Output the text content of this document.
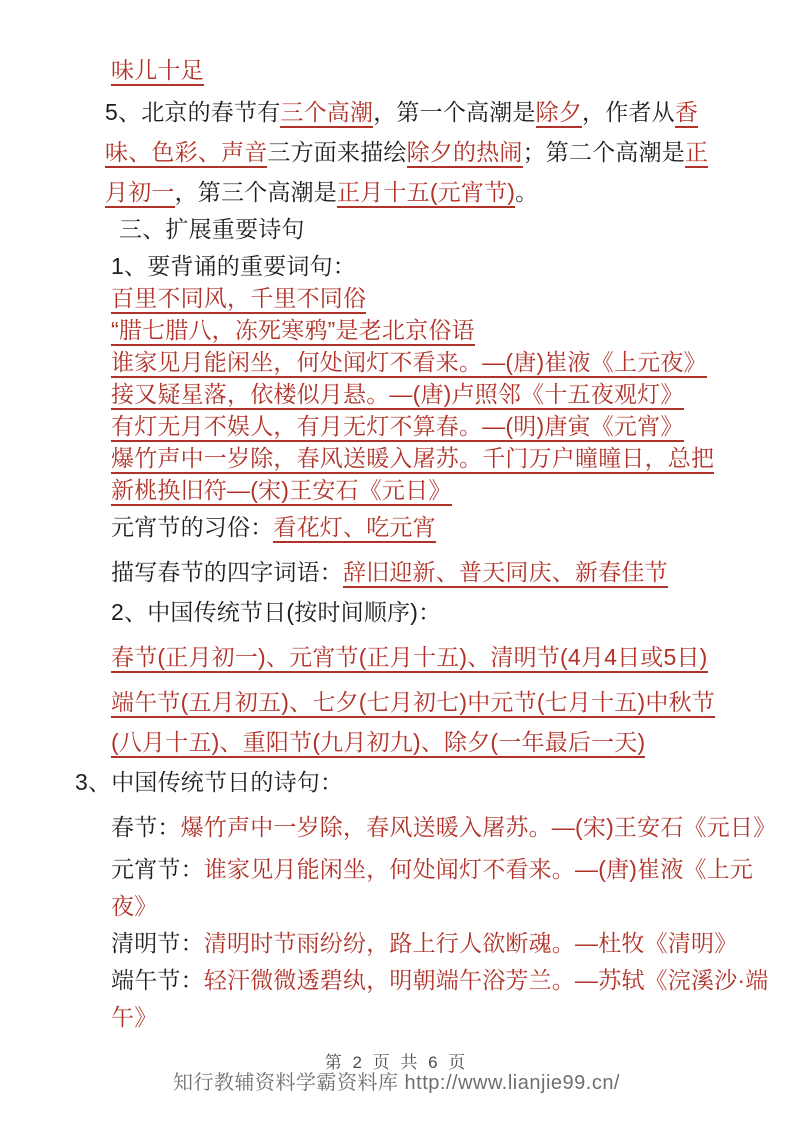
味儿十足
5、北京的春节有三个高潮，第一个高潮是除夕，作者从香
味、色彩、声音三方面来描绘除夕的热闹；第二个高潮是正
月初一，第三个高潮是正月十五(元宵节)。
三、扩展重要诗句
1、要背诵的重要词句：
百里不同风，千里不同俗
“腊七腊八，冻死寒鸦”是老北京俗语
谁家见月能闲坐，何处闻灯不看来。—(唐)崔液《上元夜》
接又疑星落，依楼似月悬。—(唐)卢照邻《十五夜观灯》
有灯无月不娱人，有月无灯不算春。—(明)唐寅《元宵》
爆竹声中一岁除，春风送暖入屠苏。千门万户曈曈日，总把
新桃换旧符—(宋)王安石《元日》
元宵节的习俗：看花灯、吃元宵
描写春节的四字词语：辞旧迎新、普天同庆、新春佳节
2、中国传统节日(按时间顺序)：
春节(正月初一)、元宵节(正月十五)、清明节(4月4日或5日)
端午节(五月初五)、七夕(七月初七)中元节(七月十五)中秋节
(八月十五)、重阳节(九月初九)、除夕(一年最后一天)
3、中国传统节日的诗句：
春节：爆竹声中一岁除，春风送暖入屠苏。—(宋)王安石《元日》
元宵节：谁家见月能闲坐，何处闻灯不看来。—(唐)崔液《上元
夜》
清明节：清明时节雨纷纷，路上行人欲断魂。—杜牧《清明》
端午节：轻汗微微透碧纨，明朝端午浴芳兰。—苏轼《浣溪沙·端
午》
第 2 页 共 6 页
知行教辅资料学霸资料库 http://www.lianjie99.cn/
